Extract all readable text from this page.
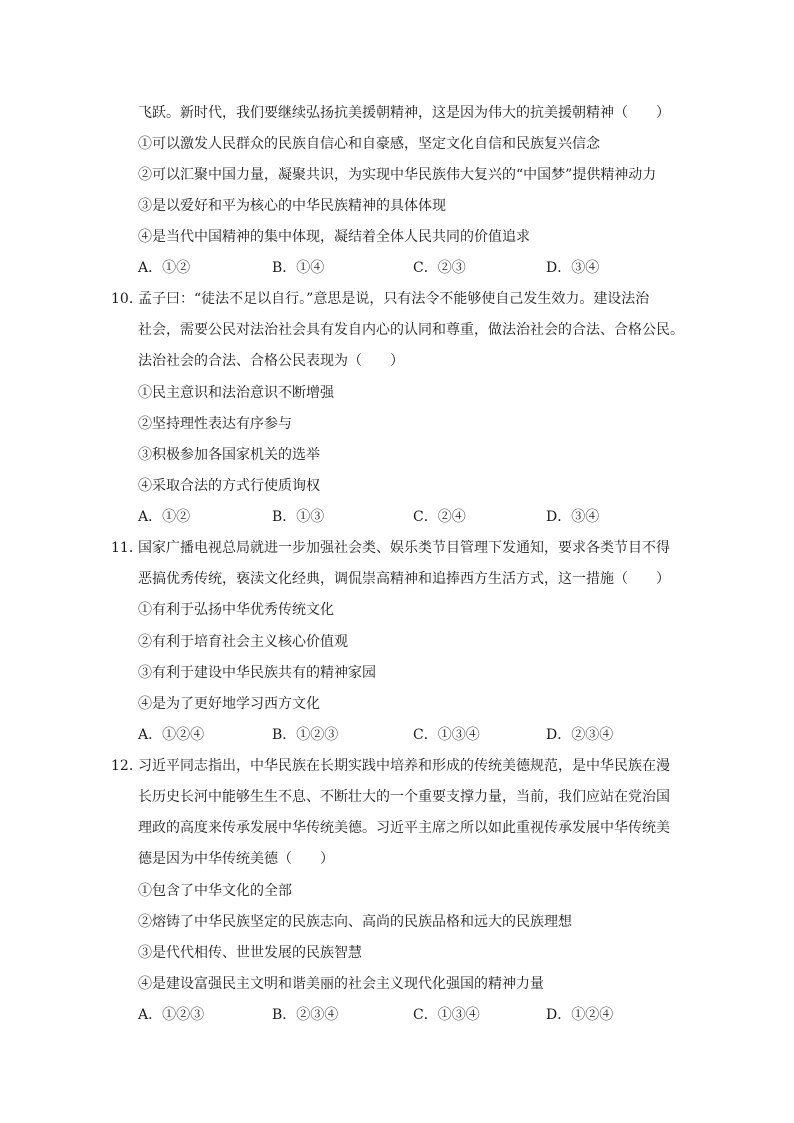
飞跃。新时代，我们要继续弘扬抗美援朝精神，这是因为伟大的抗美援朝精神（　　）
①可以激发人民群众的民族自信心和自豪感，坚定文化自信和民族复兴信念
②可以汇聚中国力量，凝聚共识，为实现中华民族伟大复兴的“中国梦”提供精神动力
③是以爱好和平为核心的中华民族精神的具体体现
④是当代中国精神的集中体现，凝结着全体人民共同的价值追求
A．①②	B．①④	C．②③	D．③④
10．
孟子曰：“徒法不足以自行。”意思是说，只有法令不能够使自己发生效力。建设法治
社会，需要公民对法治社会具有发自内心的认同和尊重，做法治社会的合法、合格公民。
法治社会的合法、合格公民表现为（　　）
①民主意识和法治意识不断增强
②坚持理性表达有序参与
③积极参加各国家机关的选举
④采取合法的方式行使质询权
A．①②	B．①③	C．②④	D．③④
11．
国家广播电视总局就进一步加强社会类、娱乐类节目管理下发通知，要求各类节目不得
恶搞优秀传统，亵渎文化经典，调侃崇高精神和追捧西方生活方式，这一措施（　　）
①有利于弘扬中华优秀传统文化
②有利于培育社会主义核心价值观
③有利于建设中华民族共有的精神家园
④是为了更好地学习西方文化
A．①②④	B．①②③	C．①③④	D．②③④
12．
习近平同志指出，中华民族在长期实践中培养和形成的传统美德规范，是中华民族在漫
长历史长河中能够生生不息、不断壮大的一个重要支撑力量，当前，我们应站在党治国
理政的高度来传承发展中华传统美德。习近平主席之所以如此重视传承发展中华传统美
德是因为中华传统美德（　　）
①包含了中华文化的全部
②熔铸了中华民族坚定的民族志向、高尚的民族品格和远大的民族理想
③是代代相传、世世发展的民族智慧
④是建设富强民主文明和谐美丽的社会主义现代化强国的精神力量
A．①②③	B．②③④	C．①③④	D．①②④
